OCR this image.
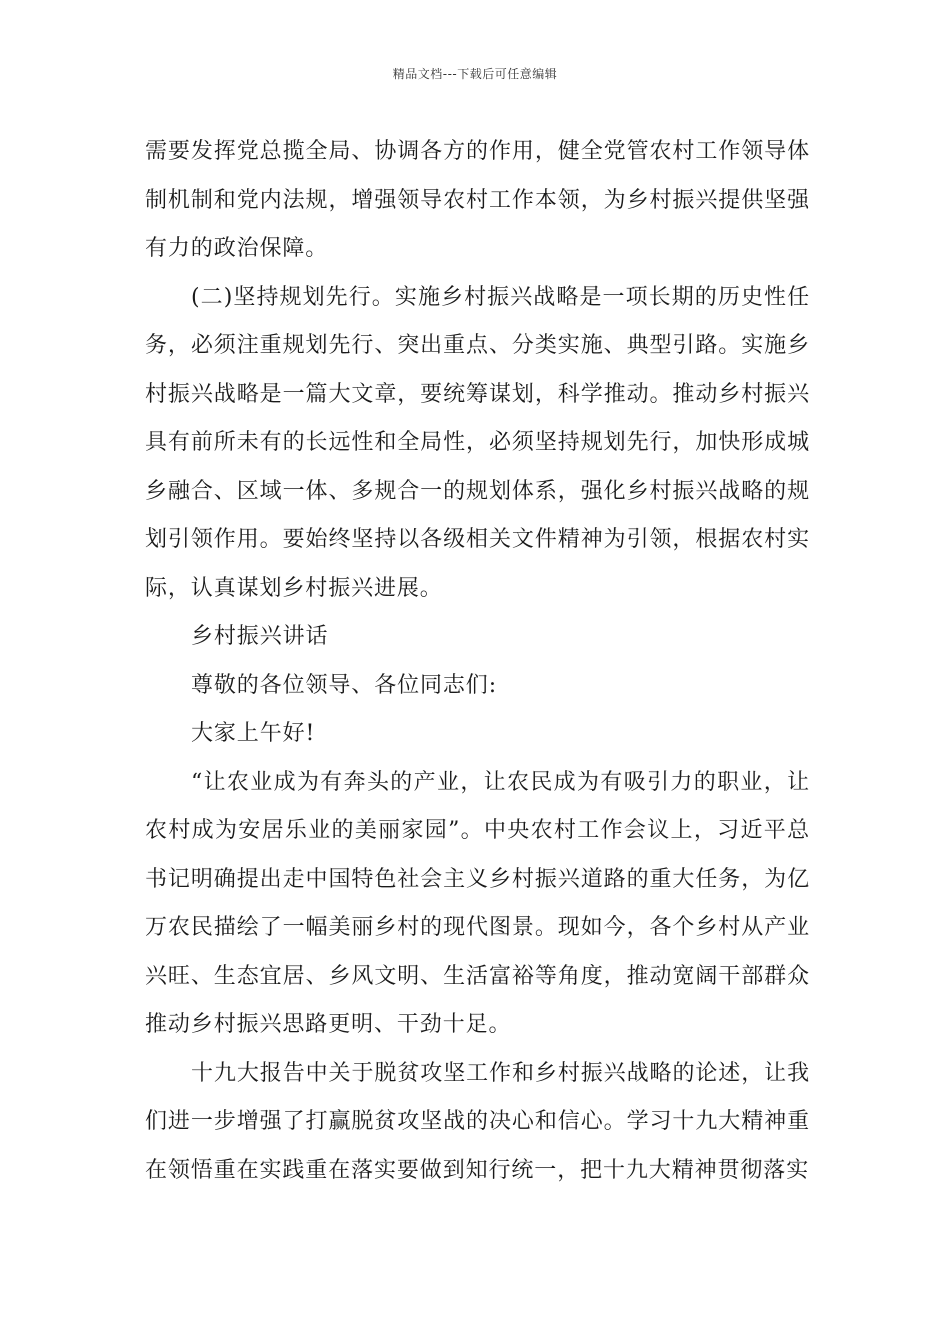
精品文档---下载后可任意编辑

需要发挥党总揽全局、协调各方的作用，健全党管农村工作领导体制机制和党内法规，增强领导农村工作本领，为乡村振兴提供坚强有力的政治保障。

(二)坚持规划先行。实施乡村振兴战略是一项长期的历史性任务，必须注重规划先行、突出重点、分类实施、典型引路。实施乡村振兴战略是一篇大文章，要统筹谋划，科学推动。推动乡村振兴具有前所未有的长远性和全局性，必须坚持规划先行，加快形成城乡融合、区域一体、多规合一的规划体系，强化乡村振兴战略的规划引领作用。要始终坚持以各级相关文件精神为引领，根据农村实际，认真谋划乡村振兴进展。

乡村振兴讲话

尊敬的各位领导、各位同志们:

大家上午好!

“让农业成为有奔头的产业，让农民成为有吸引力的职业，让农村成为安居乐业的美丽家园”。中央农村工作会议上，习近平总书记明确提出走中国特色社会主义乡村振兴道路的重大任务，为亿万农民描绘了一幅美丽乡村的现代图景。现如今，各个乡村从产业兴旺、生态宜居、乡风文明、生活富裕等角度，推动宽阔干部群众推动乡村振兴思路更明、干劲十足。

十九大报告中关于脱贫攻坚工作和乡村振兴战略的论述，让我们进一步增强了打赢脱贫攻坚战的决心和信心。学习十九大精神重在领悟重在实践重在落实要做到知行统一，把十九大精神贯彻落实
